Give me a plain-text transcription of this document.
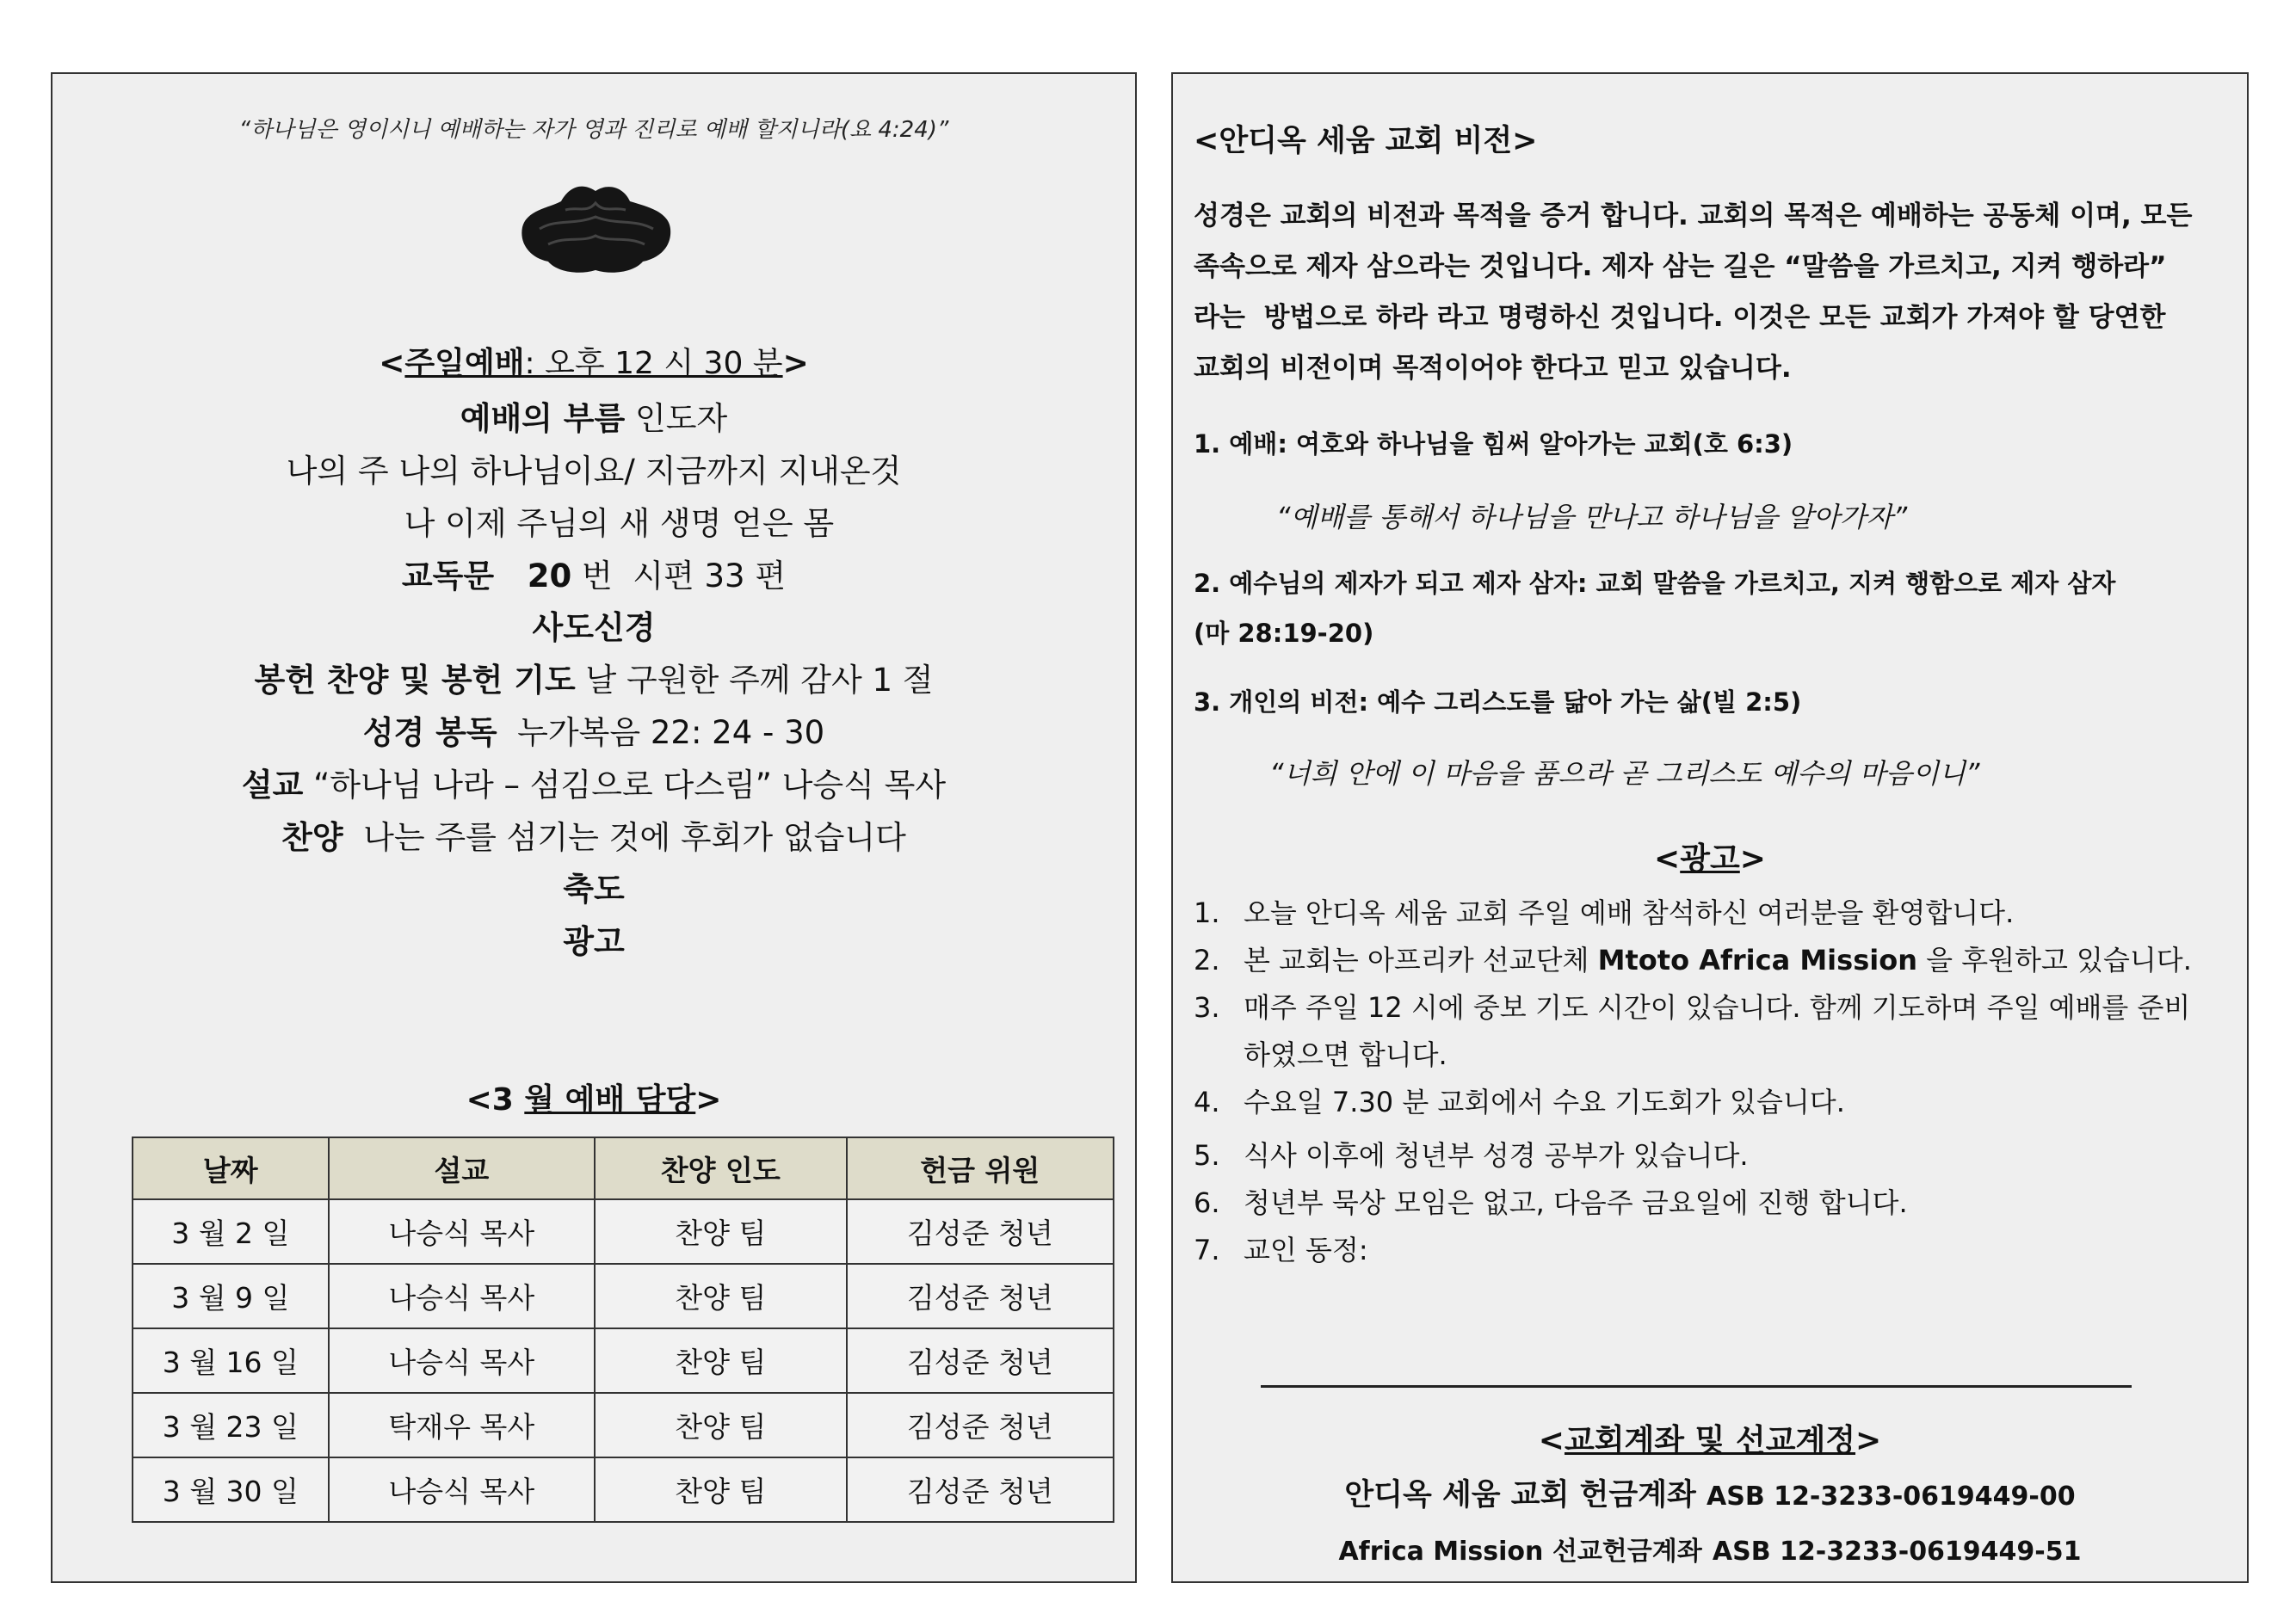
“하나님은 영이시니 예배하는 자가 영과 진리로 예배 할지니라(요 4:24)”
<주일예배: 오후 12 시 30 분>
예배의 부름 인도자
나의 주 나의 하나님이요/ 지금까지 지내온것
나 이제 주님의 새 생명 얻은 몸
교독문   20 번  시편 33 편
사도신경
봉헌 찬양 및 봉헌 기도 날 구원한 주께 감사 1 절
성경 봉독  누가복음 22: 24 - 30
설교 “하나님 나라 – 섬김으로 다스림” 나승식 목사
찬양  나는 주를 섬기는 것에 후회가 없습니다
축도
광고
<3 월 예배 담당>
날짜	설교	찬양 인도	헌금 위원
3 월 2 일	나승식 목사	찬양 팀	김성준 청년
3 월 9 일	나승식 목사	찬양 팀	김성준 청년
3 월 16 일	나승식 목사	찬양 팀	김성준 청년
3 월 23 일	탁재우 목사	찬양 팀	김성준 청년
3 월 30 일	나승식 목사	찬양 팀	김성준 청년
<안디옥 세움 교회 비전>
성경은 교회의 비전과 목적을 증거 합니다. 교회의 목적은 예배하는 공동체 이며, 모든
족속으로 제자 삼으라는 것입니다. 제자 삼는 길은 “말씀을 가르치고, 지켜 행하라”
라는  방법으로 하라 라고 명령하신 것입니다. 이것은 모든 교회가 가져야 할 당연한
교회의 비전이며 목적이어야 한다고 믿고 있습니다.
1. 예배: 여호와 하나님을 힘써 알아가는 교회(호 6:3)
“예배를 통해서 하나님을 만나고 하나님을 알아가자”
2. 예수님의 제자가 되고 제자 삼자: 교회 말씀을 가르치고, 지켜 행함으로 제자 삼자
(마 28:19-20)
3. 개인의 비전: 예수 그리스도를 닮아 가는 삶(빌 2:5)
“너희 안에 이 마음을 품으라 곧 그리스도 예수의 마음이니”
<광고>
1. 오늘 안디옥 세움 교회 주일 예배 참석하신 여러분을 환영합니다.
2. 본 교회는 아프리카 선교단체 Mtoto Africa Mission 을 후원하고 있습니다.
3. 매주 주일 12 시에 중보 기도 시간이 있습니다. 함께 기도하며 주일 예배를 준비
하였으면 합니다.
4. 수요일 7.30 분 교회에서 수요 기도회가 있습니다.
5. 식사 이후에 청년부 성경 공부가 있습니다.
6. 청년부 묵상 모임은 없고, 다음주 금요일에 진행 합니다.
7. 교인 동정:
<교회계좌 및 선교계정>
안디옥 세움 교회 헌금계좌 ASB 12-3233-0619449-00
Africa Mission 선교헌금계좌 ASB 12-3233-0619449-51
